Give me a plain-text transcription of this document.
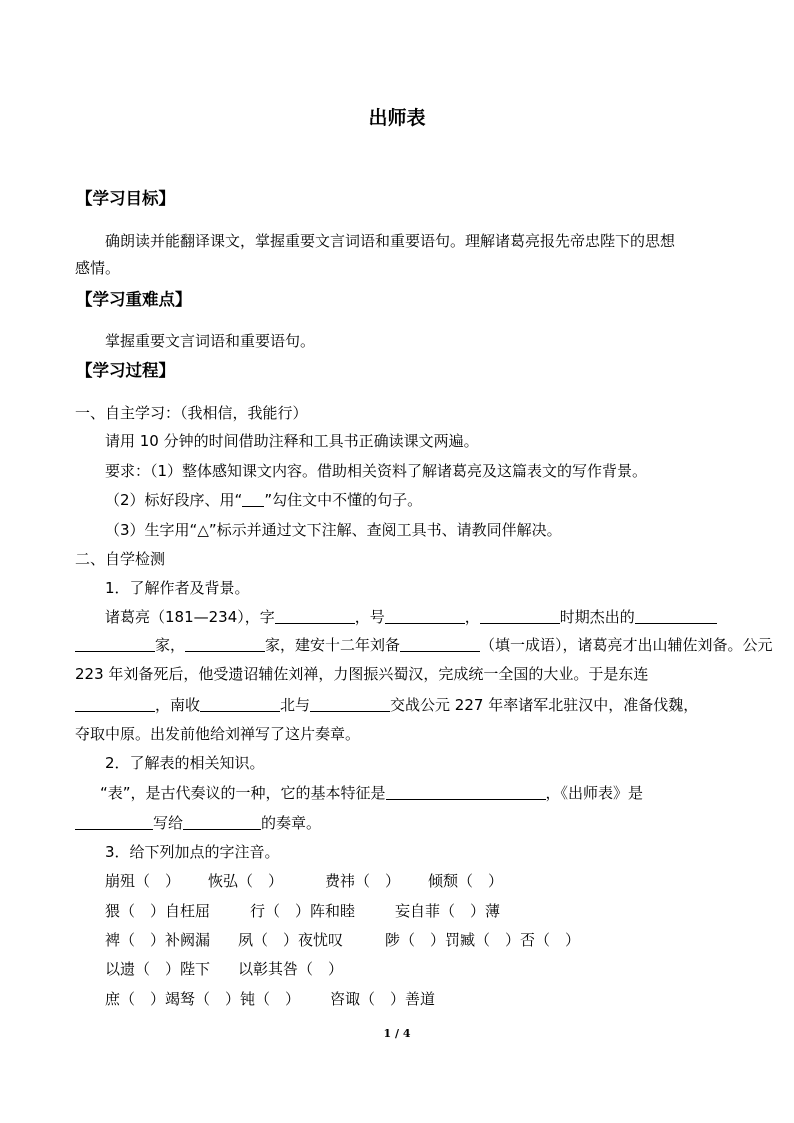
出师表
【学习目标】
确朗读并能翻译课文，掌握重要文言词语和重要语句。理解诸葛亮报先帝忠陛下的思想
感情。
【学习重难点】
掌握重要文言词语和重要语句。
【学习过程】
一、自主学习：（我相信，我能行）
请用 10 分钟的时间借助注释和工具书正确读课文两遍。
要求：（1）整体感知课文内容。借助相关资料了解诸葛亮及这篇表文的写作背景。
（2）标好段序、用“ ”勾住文中不懂的句子。
（3）生字用“△”标示并通过文下注解、查阅工具书、请教同伴解决。
二、自学检测
1．了解作者及背景。
诸葛亮（181—234），字	，号	，	时期杰出的
家，	家，建安十二年刘备	（填一成语），诸葛亮才出山辅佐刘备。公元
223 年刘备死后，他受遗诏辅佐刘禅，力图振兴蜀汉，完成统一全国的大业。于是东连
，南收	北与	交战公元 227 年率诸军北驻汉中，准备伐魏，
夺取中原。出发前他给刘禅写了这片奏章。
2．了解表的相关知识。
“表”，是古代奏议的一种，它的基本特征是	，《出师表》是
写给	的奏章。
3．给下列加点的字注音。
崩殂（　） 恢弘（　）	费祎（　） 倾颓（　）
猥（　）自枉屈	行（　）阵和睦	妄自菲（　）薄
裨（　）补阙漏 夙（　）夜忧叹	陟（　）罚臧（　）否（　）
以遗（　）陛下 以彰其咎（　）
庶（　）竭驽（　）钝（　） 咨诹（　）善道
1 / 4
